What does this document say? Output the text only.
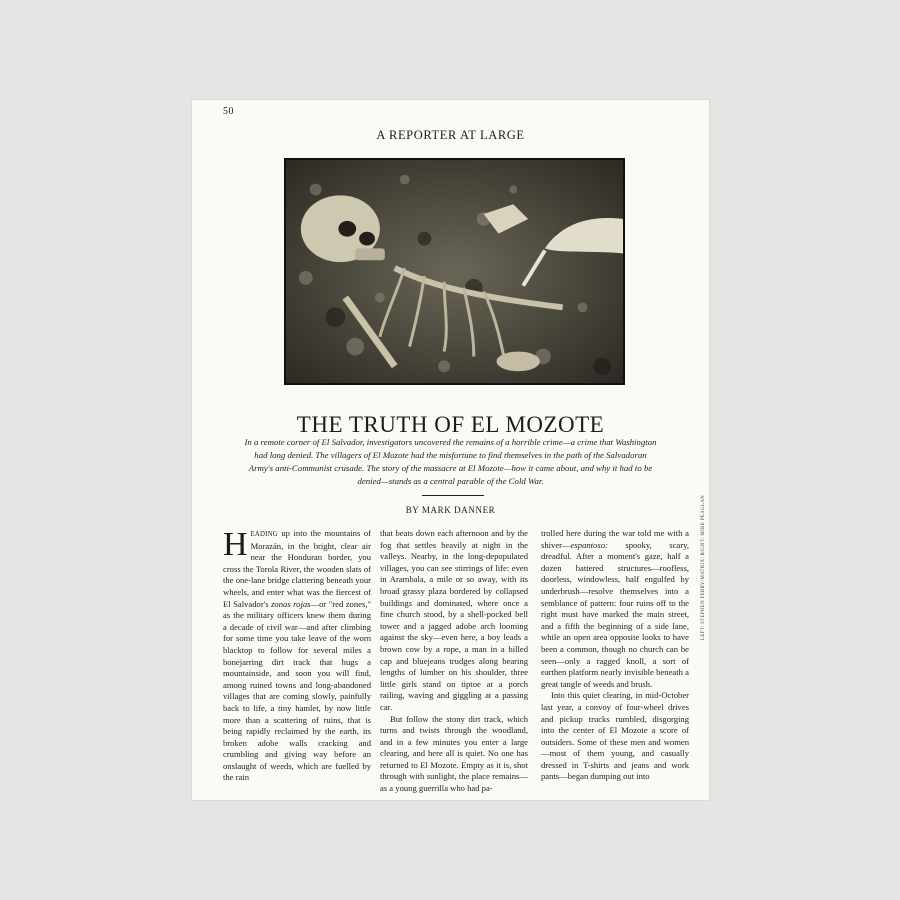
50
A REPORTER AT LARGE
THE TRUTH OF EL MOZOTE
In a remote corner of El Salvador, investigators uncovered the remains of a horrible crime—a crime that Washington had long denied. The villagers of El Mozote had the misfortune to find themselves in the path of the Salvadoran Army's anti-Communist crusade. The story of the massacre at El Mozote—how it came about, and why it had to be denied—stands as a central parable of the Cold War.
BY MARK DANNER

HEADING up into the mountains of Morazán, in the bright, clear air near the Honduran border, you cross the Torola River, the wooden slats of the one-lane bridge clattering beneath your wheels, and enter what was the fiercest of El Salvador's zonas rojas—or "red zones," as the military officers knew them during a decade of civil war—and after climbing for some time you take leave of the worn blacktop to follow for several miles a bonejarring dirt track that hugs a mountainside, and soon you will find, among ruined towns and long-abandoned villages that are coming slowly, painfully back to life, a tiny hamlet, by now little more than a scattering of ruins, that is being rapidly reclaimed by the earth, its broken adobe walls cracking and crumbling and giving way before an onslaught of weeds, which are fuelled by the rain

that beats down each afternoon and by the fog that settles heavily at night in the valleys. Nearby, in the long-depopulated villages, you can see stirrings of life: even in Arambala, a mile or so away, with its broad grassy plaza bordered by collapsed buildings and dominated, where once a fine church stood, by a shell-pocked bell tower and a jagged adobe arch looming against the sky—even here, a boy leads a brown cow by a rope, a man in a billed cap and bluejeans trudges along bearing lengths of lumber on his shoulder, three little girls stand on tiptoe at a porch railing, waving and giggling at a passing car.

But follow the stony dirt track, which turns and twists through the woodland, and in a few minutes you enter a large clearing, and here all is quiet. No one has returned to El Mozote. Empty as it is, shot through with sunlight, the place remains—as a young guerrilla who had pa-

trolled here during the war told me with a shiver—espantoso: spooky, scary, dreadful. After a moment's gaze, half a dozen battered structures—roofless, doorless, windowless, half engulfed by underbrush—resolve themselves into a semblance of pattern: four ruins off to the right must have marked the main street, and a fifth the beginning of a side lane, while an open area opposite looks to have been a common, though no church can be seen—only a ragged knoll, a sort of earthen platform nearly invisible beneath a great tangle of weeds and brush.

Into this quiet clearing, in mid-October last year, a convoy of four-wheel drives and pickup trucks rumbled, disgorging into the center of El Mozote a score of outsiders. Some of these men and women—most of them young, and casually dressed in T-shirts and jeans and work pants—began dumping out into

LEFT: STEPHEN FERRY/MATRIX; RIGHT: MIKE PEAGLAN
